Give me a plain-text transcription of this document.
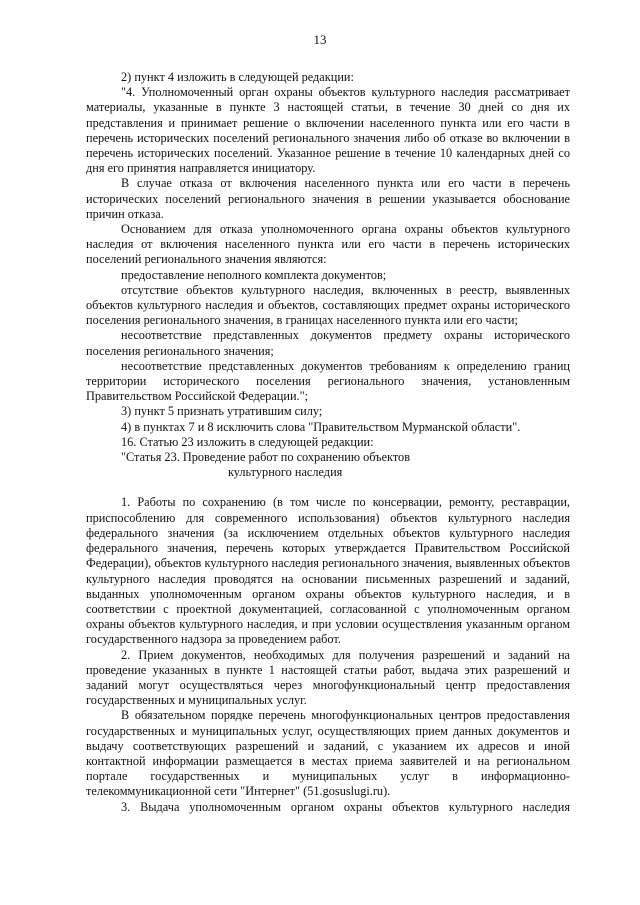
13

2) пункт 4 изложить в следующей редакции:

"4. Уполномоченный орган охраны объектов культурного наследия рассматривает материалы, указанные в пункте 3 настоящей статьи, в течение 30 дней со дня их представления и принимает решение о включении населенного пункта или его части в перечень исторических поселений регионального значения либо об отказе во включении в перечень исторических поселений. Указанное решение в течение 10 календарных дней со дня его принятия направляется инициатору.

В случае отказа от включения населенного пункта или его части в перечень исторических поселений регионального значения в решении указывается обоснование причин отказа.

Основанием для отказа уполномоченного органа охраны объектов культурного наследия от включения населенного пункта или его части в перечень исторических поселений регионального значения являются:

предоставление неполного комплекта документов;

отсутствие объектов культурного наследия, включенных в реестр, выявленных объектов культурного наследия и объектов, составляющих предмет охраны исторического поселения регионального значения, в границах населенного пункта или его части;

несоответствие представленных документов предмету охраны исторического поселения регионального значения;

несоответствие представленных документов требованиям к определению границ территории исторического поселения регионального значения, установленным Правительством Российской Федерации.";

3) пункт 5 признать утратившим силу;

4) в пунктах 7 и 8 исключить слова "Правительством Мурманской области".

16. Статью 23 изложить в следующей редакции:

"Статья 23. Проведение работ по сохранению объектов
культурного наследия

1. Работы по сохранению (в том числе по консервации, ремонту, реставрации, приспособлению для современного использования) объектов культурного наследия федерального значения (за исключением отдельных объектов культурного наследия федерального значения, перечень которых утверждается Правительством Российской Федерации), объектов культурного наследия регионального значения, выявленных объектов культурного наследия проводятся на основании письменных разрешений и заданий, выданных уполномоченным органом охраны объектов культурного наследия, и в соответствии с проектной документацией, согласованной с уполномоченным органом охраны объектов культурного наследия, и при условии осуществления указанным органом государственного надзора за проведением работ.

2. Прием документов, необходимых для получения разрешений и заданий на проведение указанных в пункте 1 настоящей статьи работ, выдача этих разрешений и заданий могут осуществляться через многофункциональный центр предоставления государственных и муниципальных услуг.

В обязательном порядке перечень многофункциональных центров предоставления государственных и муниципальных услуг, осуществляющих прием данных документов и выдачу соответствующих разрешений и заданий, с указанием их адресов и иной контактной информации размещается в местах приема заявителей и на региональном портале государственных и муниципальных услуг в информационно-телекоммуникационной сети "Интернет" (51.gosuslugi.ru).

3. Выдача уполномоченным органом охраны объектов культурного наследия
